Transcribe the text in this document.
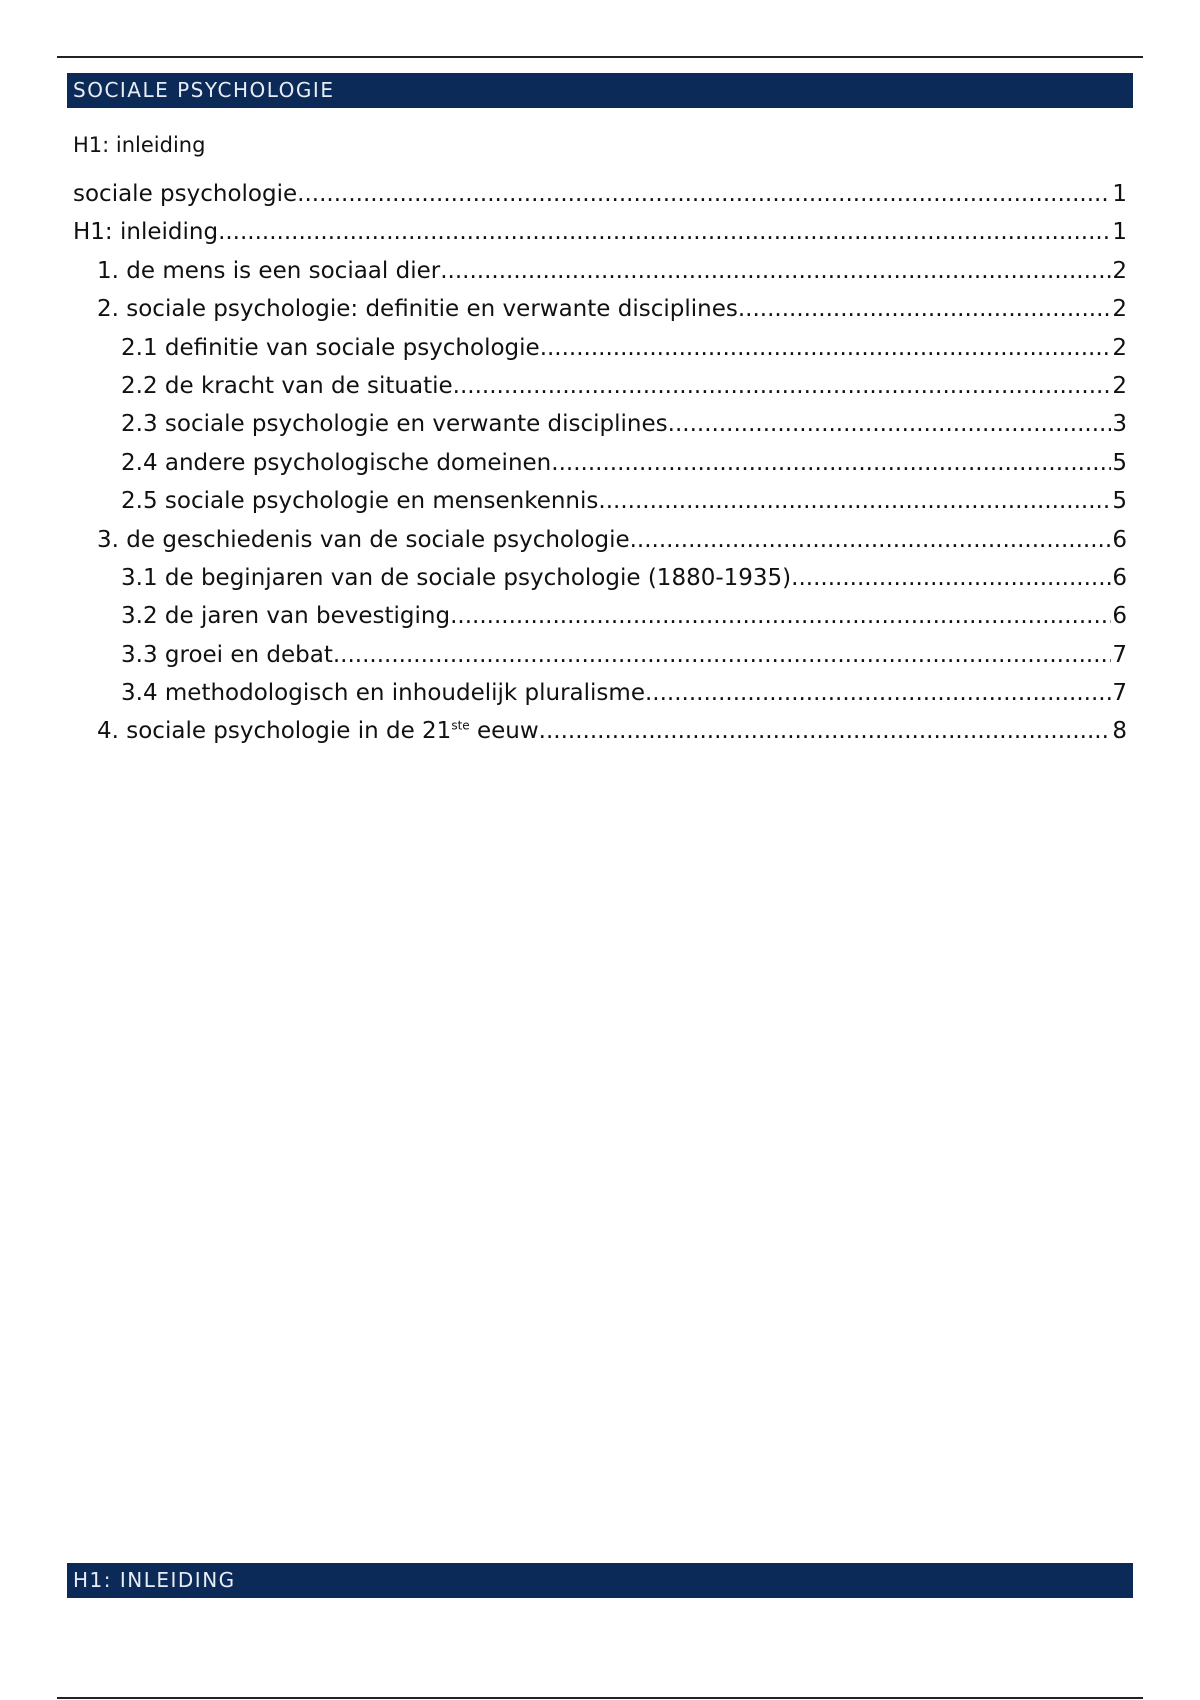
SOCIALE PSYCHOLOGIE
H1: inleiding
sociale psychologie .....	1
H1: inleiding .....	1
1. de mens is een sociaal dier .....	2
2. sociale psychologie: definitie en verwante disciplines .....	2
2.1 definitie van sociale psychologie .....	2
2.2 de kracht van de situatie .....	2
2.3 sociale psychologie en verwante disciplines .....	3
2.4 andere psychologische domeinen .....	5
2.5 sociale psychologie en mensenkennis .....	5
3. de geschiedenis van de sociale psychologie .....	6
3.1 de beginjaren van de sociale psychologie (1880-1935) .....	6
3.2 de jaren van bevestiging .....	6
3.3 groei en debat .....	7
3.4 methodologisch en inhoudelijk pluralisme .....	7
4. sociale psychologie in de 21ste eeuw .....	8
H1: INLEIDING
